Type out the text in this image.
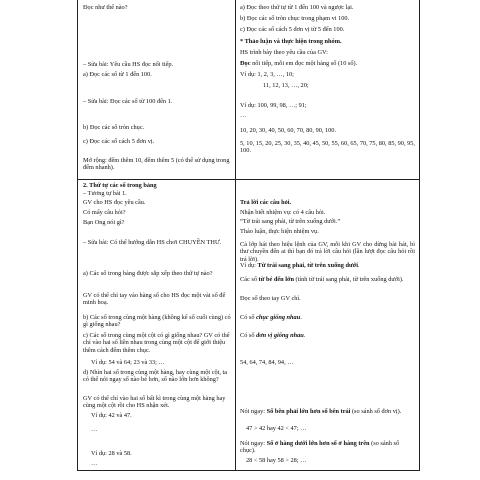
Đọc như thế nào?
– Sửa bài: Yêu cầu HS đọc nối tiếp.
a) Đọc các số từ 1 đến 100.
– Sửa bài: Đọc các số từ 100 đến 1.
b) Đọc các số tròn chục.
c) Đọc các số cách 5 đơn vị.
Mở rộng: đếm thêm 10, đếm thêm 5 (có thể sử dụng trong đếm nhanh).
a) Đọc theo thứ tự từ 1 đến 100 và ngược lại.
b) Đọc các số tròn chục trong phạm vi 100.
c) Đọc các số cách 5 đơn vị từ 5 đến 100.
* Thảo luận và thực hiện trong nhóm.
HS trình bày theo yêu cầu của GV:
Đọc nối tiếp, mỗi em đọc một hàng số (10 số).
Ví dụ: 1, 2, 3, …, 10;
11, 12, 13, …, 20;
Ví dụ: 100, 99, 98, …; 91;
…
10, 20, 30, 40, 50, 60, 70, 80, 90, 100.
5, 10, 15, 20, 25, 30, 35, 40, 45, 50, 55, 60, 65, 70, 75, 80, 85, 90, 95, 100.
2. Thứ tự các số trong bảng
– Tương tự bài 1.
GV cho HS đọc yêu cầu.
Có mấy câu hỏi?
Bạn Ong nói gì?
– Sửa bài: Có thể hướng dẫn HS chơi CHUYỀN THƯ.
a) Các số trong bảng được sắp xếp theo thứ tự nào?
GV có thể chỉ tay vào hàng số cho HS đọc một vài số để minh hoạ.
b) Các số trong cùng một hàng (không kể số cuối cùng) có gì giống nhau?
c) Các số trong cùng một cột có gì giống nhau? GV có thể chỉ vào hai số liền nhau trong cùng một cột để giới thiệu thêm cách đếm thêm chục.
Ví dụ: 54 và 64; 23 và 33; …
d) Nhìn hai số trong cùng một hàng, hay cùng một cột, ta có thể nói ngay số nào bé hơn, số nào lớn hơn không?
GV có thể chỉ vào hai số bất kì trong cùng một hàng hay cùng một cột rồi cho HS nhận xét.
Ví dụ: 42 và 47.
…
Ví dụ: 28 và 58.
…
Trả lời các câu hỏi.
Nhận biết nhiệm vụ: có 4 câu hỏi.
“Từ trái sang phải, từ trên xuống dưới.”
Thảo luận, thực hiện nhiệm vụ.
Cả lớp hát theo hiệu lệnh của GV, mỗi khi GV cho dừng bài hát, bì thư chuyền đến ai thì bạn đó trả lời câu hỏi (lần lượt đọc câu hỏi rồi trả lời).
Ví dụ: Từ trái sang phải, từ trên xuống dưới.
Các số từ bé đến lớn (tính từ trái sang phải, từ trên xuống dưới).
Đọc số theo tay GV chỉ.
Có số chục giống nhau.
Có số đơn vị giống nhau.
54, 64, 74, 84, 94, …
Nói ngay: Số bên phải lớn hơn số bên trái (so sánh số đơn vị).
47 > 42 hay 42 < 47; …
Nói ngay: Số ở hàng dưới lớn hơn số ở hàng trên (so sánh số chục).
28 < 58 hay 58 > 28; …
